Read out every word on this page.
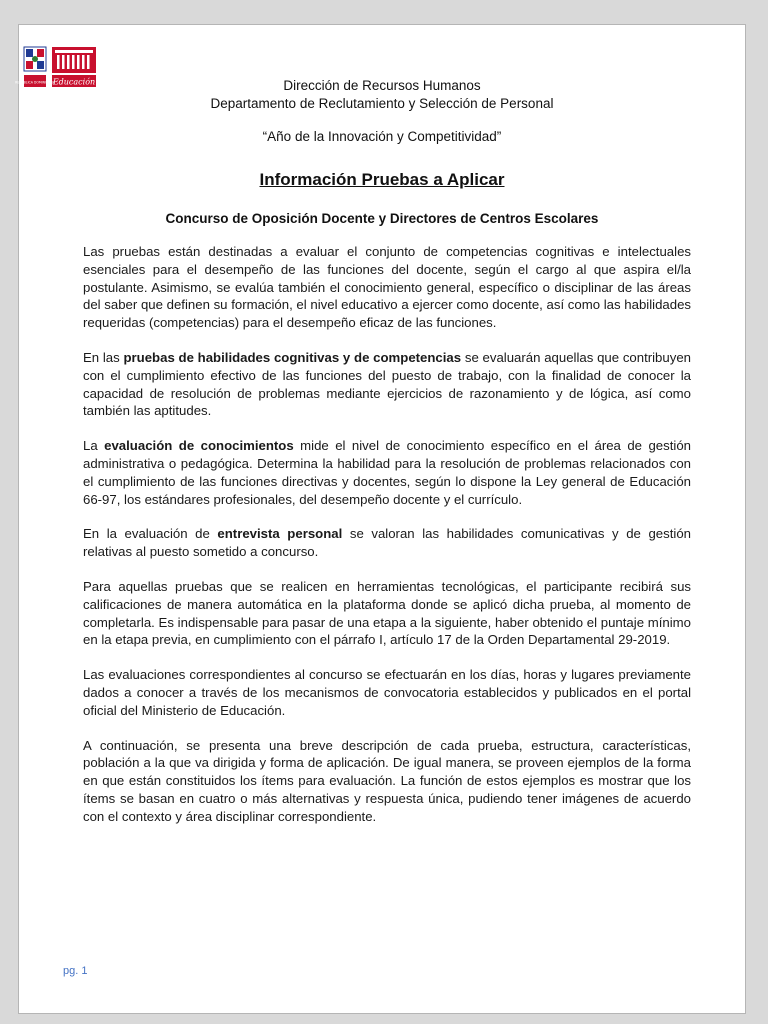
Educación
REPÚBLICA DOMINICANA	Dirección de Recursos Humanos
Departamento de Reclutamiento y Selección de Personal
“Año de la Innovación y Competitividad”
Información Pruebas a Aplicar
Concurso de Oposición Docente y Directores de Centros Escolares

Las pruebas están destinadas a evaluar el conjunto de competencias cognitivas e intelectuales esenciales para el desempeño de las funciones del docente, según el cargo al que aspira el/la postulante. Asimismo, se evalúa también el conocimiento general, específico o disciplinar de las áreas del saber que definen su formación, el nivel educativo a ejercer como docente, así como las habilidades requeridas (competencias) para el desempeño eficaz de las funciones.

En las pruebas de habilidades cognitivas y de competencias se evaluarán aquellas que contribuyen con el cumplimiento efectivo de las funciones del puesto de trabajo, con la finalidad de conocer la capacidad de resolución de problemas mediante ejercicios de razonamiento y de lógica, así como también las aptitudes.

La evaluación de conocimientos mide el nivel de conocimiento específico en el área de gestión administrativa o pedagógica. Determina la habilidad para la resolución de problemas relacionados con el cumplimiento de las funciones directivas y docentes, según lo dispone la Ley general de Educación 66-97, los estándares profesionales, del desempeño docente y el currículo.

En la evaluación de entrevista personal se valoran las habilidades comunicativas y de gestión relativas al puesto sometido a concurso.

Para aquellas pruebas que se realicen en herramientas tecnológicas, el participante recibirá sus calificaciones de manera automática en la plataforma donde se aplicó dicha prueba, al momento de completarla. Es indispensable para pasar de una etapa a la siguiente, haber obtenido el puntaje mínimo en la etapa previa, en cumplimiento con el párrafo I, artículo 17 de la Orden Departamental 29-2019.

Las evaluaciones correspondientes al concurso se efectuarán en los días, horas y lugares previamente dados a conocer a través de los mecanismos de convocatoria establecidos y publicados en el portal oficial del Ministerio de Educación.

A continuación, se presenta una breve descripción de cada prueba, estructura, características, población a la que va dirigida y forma de aplicación. De igual manera, se proveen ejemplos de la forma en que están constituidos los ítems para evaluación. La función de estos ejemplos es mostrar que los ítems se basan en cuatro o más alternativas y respuesta única, pudiendo tener imágenes de acuerdo con el contexto y área disciplinar correspondiente.

pg. 1
